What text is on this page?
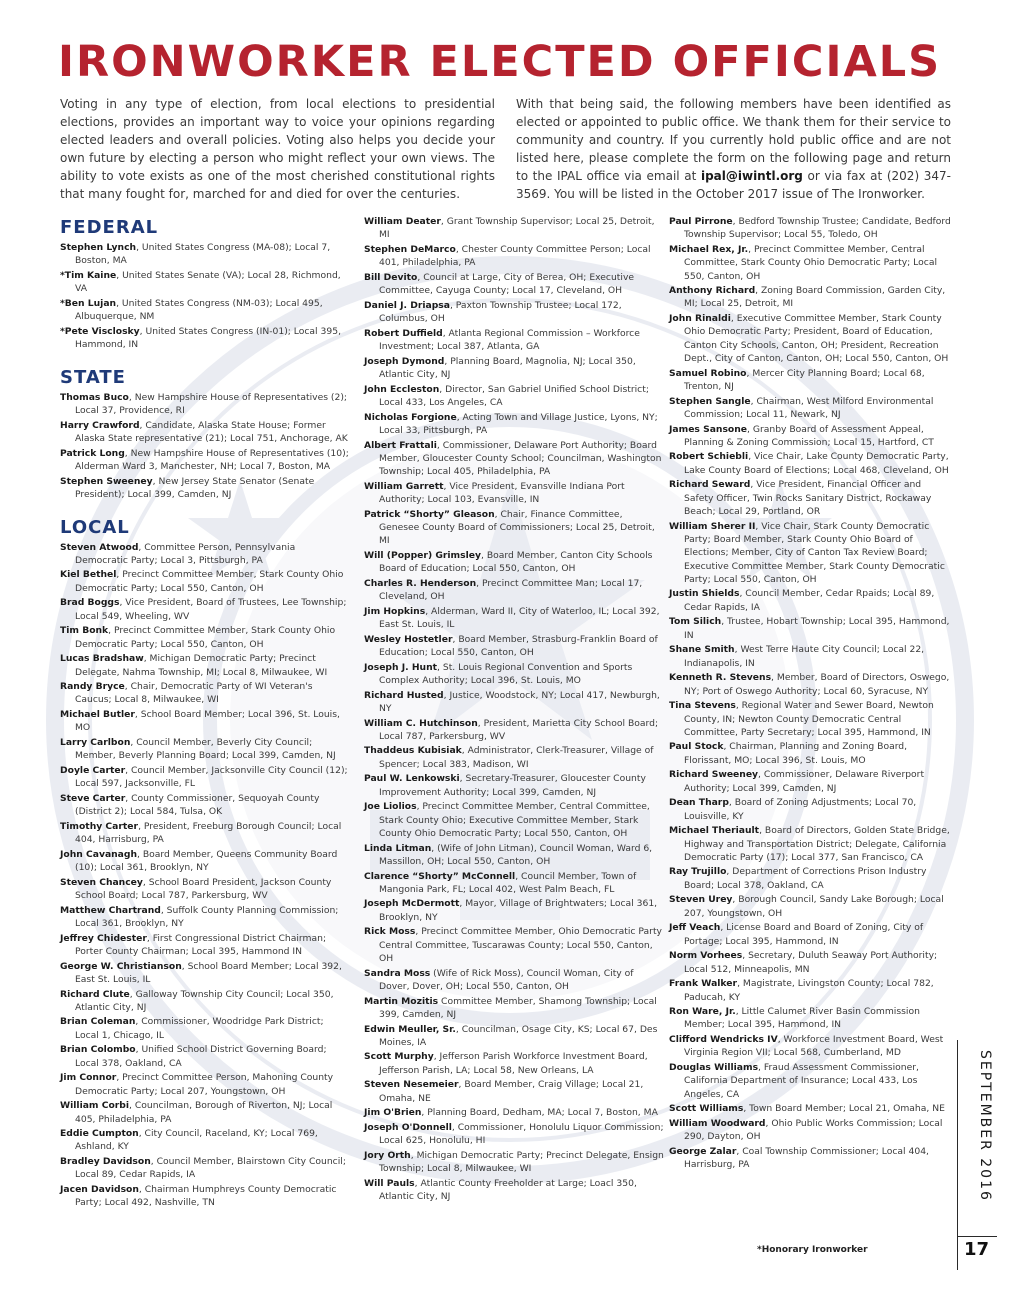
IRONWORKER ELECTED OFFICIALS

Voting in any type of election, from local elections to presidential elections, provides an important way to voice your opinions regarding elected leaders and overall policies. Voting also helps you decide your own future by electing a person who might reflect your own views. The ability to vote exists as one of the most cherished constitutional rights that many fought for, marched for and died for over the centuries.

With that being said, the following members have been identified as elected or appointed to public office. We thank them for their service to community and country. If you currently hold public office and are not listed here, please complete the form on the following page and return to the IPAL office via email at ipal@iwintl.org or via fax at (202) 347-3569. You will be listed in the October 2017 issue of The Ironworker.

FEDERAL
Stephen Lynch, United States Congress (MA-08); Local 7, Boston, MA
*Tim Kaine, United States Senate (VA); Local 28, Richmond, VA
*Ben Lujan, United States Congress (NM-03); Local 495, Albuquerque, NM
*Pete Visclosky, United States Congress (IN-01); Local 395, Hammond, IN
STATE
Thomas Buco, New Hampshire House of Representatives (2); Local 37, Providence, RI
Harry Crawford, Candidate, Alaska State House; Former Alaska State representative (21); Local 751, Anchorage, AK
Patrick Long, New Hampshire House of Representatives (10); Alderman Ward 3, Manchester, NH; Local 7, Boston, MA
Stephen Sweeney, New Jersey State Senator (Senate President); Local 399, Camden, NJ
LOCAL
Steven Atwood, Committee Person, Pennsylvania Democratic Party; Local 3, Pittsburgh, PA
Kiel Bethel, Precinct Committee Member, Stark County Ohio Democratic Party; Local 550, Canton, OH
Brad Boggs, Vice President, Board of Trustees, Lee Township; Local 549, Wheeling, WV
Tim Bonk, Precinct Committee Member, Stark County Ohio Democratic Party; Local 550, Canton, OH
Lucas Bradshaw, Michigan Democratic Party; Precinct Delegate, Nahma Township, MI; Local 8, Milwaukee, WI
Randy Bryce, Chair, Democratic Party of WI Veteran's Caucus; Local 8, Milwaukee, WI
Michael Butler, School Board Member; Local 396, St. Louis, MO
Larry Carlbon, Council Member, Beverly City Council; Member, Beverly Planning Board; Local 399, Camden, NJ
Doyle Carter, Council Member, Jacksonville City Council (12); Local 597, Jacksonville, FL
Steve Carter, County Commissioner, Sequoyah County (District 2); Local 584, Tulsa, OK
Timothy Carter, President, Freeburg Borough Council; Local 404, Harrisburg, PA
John Cavanagh, Board Member, Queens Community Board (10); Local 361, Brooklyn, NY
Steven Chancey, School Board President, Jackson County School Board; Local 787, Parkersburg, WV
Matthew Chartrand, Suffolk County Planning Commission; Local 361, Brooklyn, NY
Jeffrey Chidester, First Congressional District Chairman; Porter County Chairman; Local 395, Hammond IN
George W. Christianson, School Board Member; Local 392, East St. Louis, IL
Richard Clute, Galloway Township City Council; Local 350, Atlantic City, NJ
Brian Coleman, Commissioner, Woodridge Park District; Local 1, Chicago, IL
Brian Colombo, Unified School District Governing Board; Local 378, Oakland, CA
Jim Connor, Precinct Committee Person, Mahoning County Democratic Party; Local 207, Youngstown, OH
William Corbi, Councilman, Borough of Riverton, NJ; Local 405, Philadelphia, PA
Eddie Cumpton, City Council, Raceland, KY; Local 769, Ashland, KY
Bradley Davidson, Council Member, Blairstown City Council; Local 89, Cedar Rapids, IA
Jacen Davidson, Chairman Humphreys County Democratic Party; Local 492, Nashville, TN
William Deater, Grant Township Supervisor; Local 25, Detroit, MI
Stephen DeMarco, Chester County Committee Person; Local 401, Philadelphia, PA
Bill Devito, Council at Large, City of Berea, OH; Executive Committee, Cayuga County; Local 17, Cleveland, OH
Daniel J. Driapsa, Paxton Township Trustee; Local 172, Columbus, OH
Robert Duffield, Atlanta Regional Commission – Workforce Investment; Local 387, Atlanta, GA
Joseph Dymond, Planning Board, Magnolia, NJ; Local 350, Atlantic City, NJ
John Eccleston, Director, San Gabriel Unified School District; Local 433, Los Angeles, CA
Nicholas Forgione, Acting Town and Village Justice, Lyons, NY; Local 33, Pittsburgh, PA
Albert Frattali, Commissioner, Delaware Port Authority; Board Member, Gloucester County School; Councilman, Washington Township; Local 405, Philadelphia, PA
William Garrett, Vice President, Evansville Indiana Port Authority; Local 103, Evansville, IN
Patrick “Shorty” Gleason, Chair, Finance Committee, Genesee County Board of Commissioners; Local 25, Detroit, MI
Will (Popper) Grimsley, Board Member, Canton City Schools Board of Education; Local 550, Canton, OH
Charles R. Henderson, Precinct Committee Man; Local 17, Cleveland, OH
Jim Hopkins, Alderman, Ward II, City of Waterloo, IL; Local 392, East St. Louis, IL
Wesley Hostetler, Board Member, Strasburg-Franklin Board of Education; Local 550, Canton, OH
Joseph J. Hunt, St. Louis Regional Convention and Sports Complex Authority; Local 396, St. Louis, MO
Richard Husted, Justice, Woodstock, NY; Local 417, Newburgh, NY
William C. Hutchinson, President, Marietta City School Board; Local 787, Parkersburg, WV
Thaddeus Kubisiak, Administrator, Clerk-Treasurer, Village of Spencer; Local 383, Madison, WI
Paul W. Lenkowski, Secretary-Treasurer, Gloucester County Improvement Authority; Local 399, Camden, NJ
Joe Liolios, Precinct Committee Member, Central Committee, Stark County Ohio; Executive Committee Member, Stark County Ohio Democratic Party; Local 550, Canton, OH
Linda Litman, (Wife of John Litman), Council Woman, Ward 6, Massillon, OH; Local 550, Canton, OH
Clarence “Shorty” McConnell, Council Member, Town of Mangonia Park, FL; Local 402, West Palm Beach, FL
Joseph McDermott, Mayor, Village of Brightwaters; Local 361, Brooklyn, NY
Rick Moss, Precinct Committee Member, Ohio Democratic Party Central Committee, Tuscarawas County; Local 550, Canton, OH
Sandra Moss (Wife of Rick Moss), Council Woman, City of Dover, Dover, OH; Local 550, Canton, OH
Martin Mozitis Committee Member, Shamong Township; Local 399, Camden, NJ
Edwin Meuller, Sr., Councilman, Osage City, KS; Local 67, Des Moines, IA
Scott Murphy, Jefferson Parish Workforce Investment Board, Jefferson Parish, LA; Local 58, New Orleans, LA
Steven Nesemeier, Board Member, Craig Village; Local 21, Omaha, NE
Jim O'Brien, Planning Board, Dedham, MA; Local 7, Boston, MA
Joseph O'Donnell, Commissioner, Honolulu Liquor Commission; Local 625, Honolulu, HI
Jory Orth, Michigan Democratic Party; Precinct Delegate, Ensign Township; Local 8, Milwaukee, WI
Will Pauls, Atlantic County Freeholder at Large; Loacl 350, Atlantic City, NJ
Paul Pirrone, Bedford Township Trustee; Candidate, Bedford Township Supervisor; Local 55, Toledo, OH
Michael Rex, Jr., Precinct Committee Member, Central Committee, Stark County Ohio Democratic Party; Local 550, Canton, OH
Anthony Richard, Zoning Board Commission, Garden City, MI; Local 25, Detroit, MI
John Rinaldi, Executive Committee Member, Stark County Ohio Democratic Party; President, Board of Education, Canton City Schools, Canton, OH; President, Recreation Dept., City of Canton, Canton, OH; Local 550, Canton, OH
Samuel Robino, Mercer City Planning Board; Local 68, Trenton, NJ
Stephen Sangle, Chairman, West Milford Environmental Commission; Local 11, Newark, NJ
James Sansone, Granby Board of Assessment Appeal, Planning & Zoning Commission; Local 15, Hartford, CT
Robert Schiebli, Vice Chair, Lake County Democratic Party, Lake County Board of Elections; Local 468, Cleveland, OH
Richard Seward, Vice President, Financial Officer and Safety Officer, Twin Rocks Sanitary District, Rockaway Beach; Local 29, Portland, OR
William Sherer II, Vice Chair, Stark County Democratic Party; Board Member, Stark County Ohio Board of Elections; Member, City of Canton Tax Review Board; Executive Committee Member, Stark County Democratic Party; Local 550, Canton, OH
Justin Shields, Council Member, Cedar Rpaids; Local 89, Cedar Rapids, IA
Tom Silich, Trustee, Hobart Township; Local 395, Hammond, IN
Shane Smith, West Terre Haute City Council; Local 22, Indianapolis, IN
Kenneth R. Stevens, Member, Board of Directors, Oswego, NY; Port of Oswego Authority; Local 60, Syracuse, NY
Tina Stevens, Regional Water and Sewer Board, Newton County, IN; Newton County Democratic Central Committee, Party Secretary; Local 395, Hammond, IN
Paul Stock, Chairman, Planning and Zoning Board, Florissant, MO; Local 396, St. Louis, MO
Richard Sweeney, Commissioner, Delaware Riverport Authority; Local 399, Camden, NJ
Dean Tharp, Board of Zoning Adjustments; Local 70, Louisville, KY
Michael Theriault, Board of Directors, Golden State Bridge, Highway and Transportation District; Delegate, California Democratic Party (17); Local 377, San Francisco, CA
Ray Trujillo, Department of Corrections Prison Industry Board; Local 378, Oakland, CA
Steven Urey, Borough Council, Sandy Lake Borough; Local 207, Youngstown, OH
Jeff Veach, License Board and Board of Zoning, City of Portage; Local 395, Hammond, IN
Norm Vorhees, Secretary, Duluth Seaway Port Authority; Local 512, Minneapolis, MN
Frank Walker, Magistrate, Livingston County; Local 782, Paducah, KY
Ron Ware, Jr., Little Calumet River Basin Commission Member; Local 395, Hammond, IN
Clifford Wendricks IV, Workforce Investment Board, West Virginia Region VII; Local 568, Cumberland, MD
Douglas Williams, Fraud Assessment Commissioner, California Department of Insurance; Local 433, Los Angeles, CA
Scott Williams, Town Board Member; Local 21, Omaha, NE
William Woodward, Ohio Public Works Commission; Local 290, Dayton, OH
George Zalar, Coal Township Commissioner; Local 404, Harrisburg, PA
*Honorary Ironworker
SEPTEMBER 2016
17
